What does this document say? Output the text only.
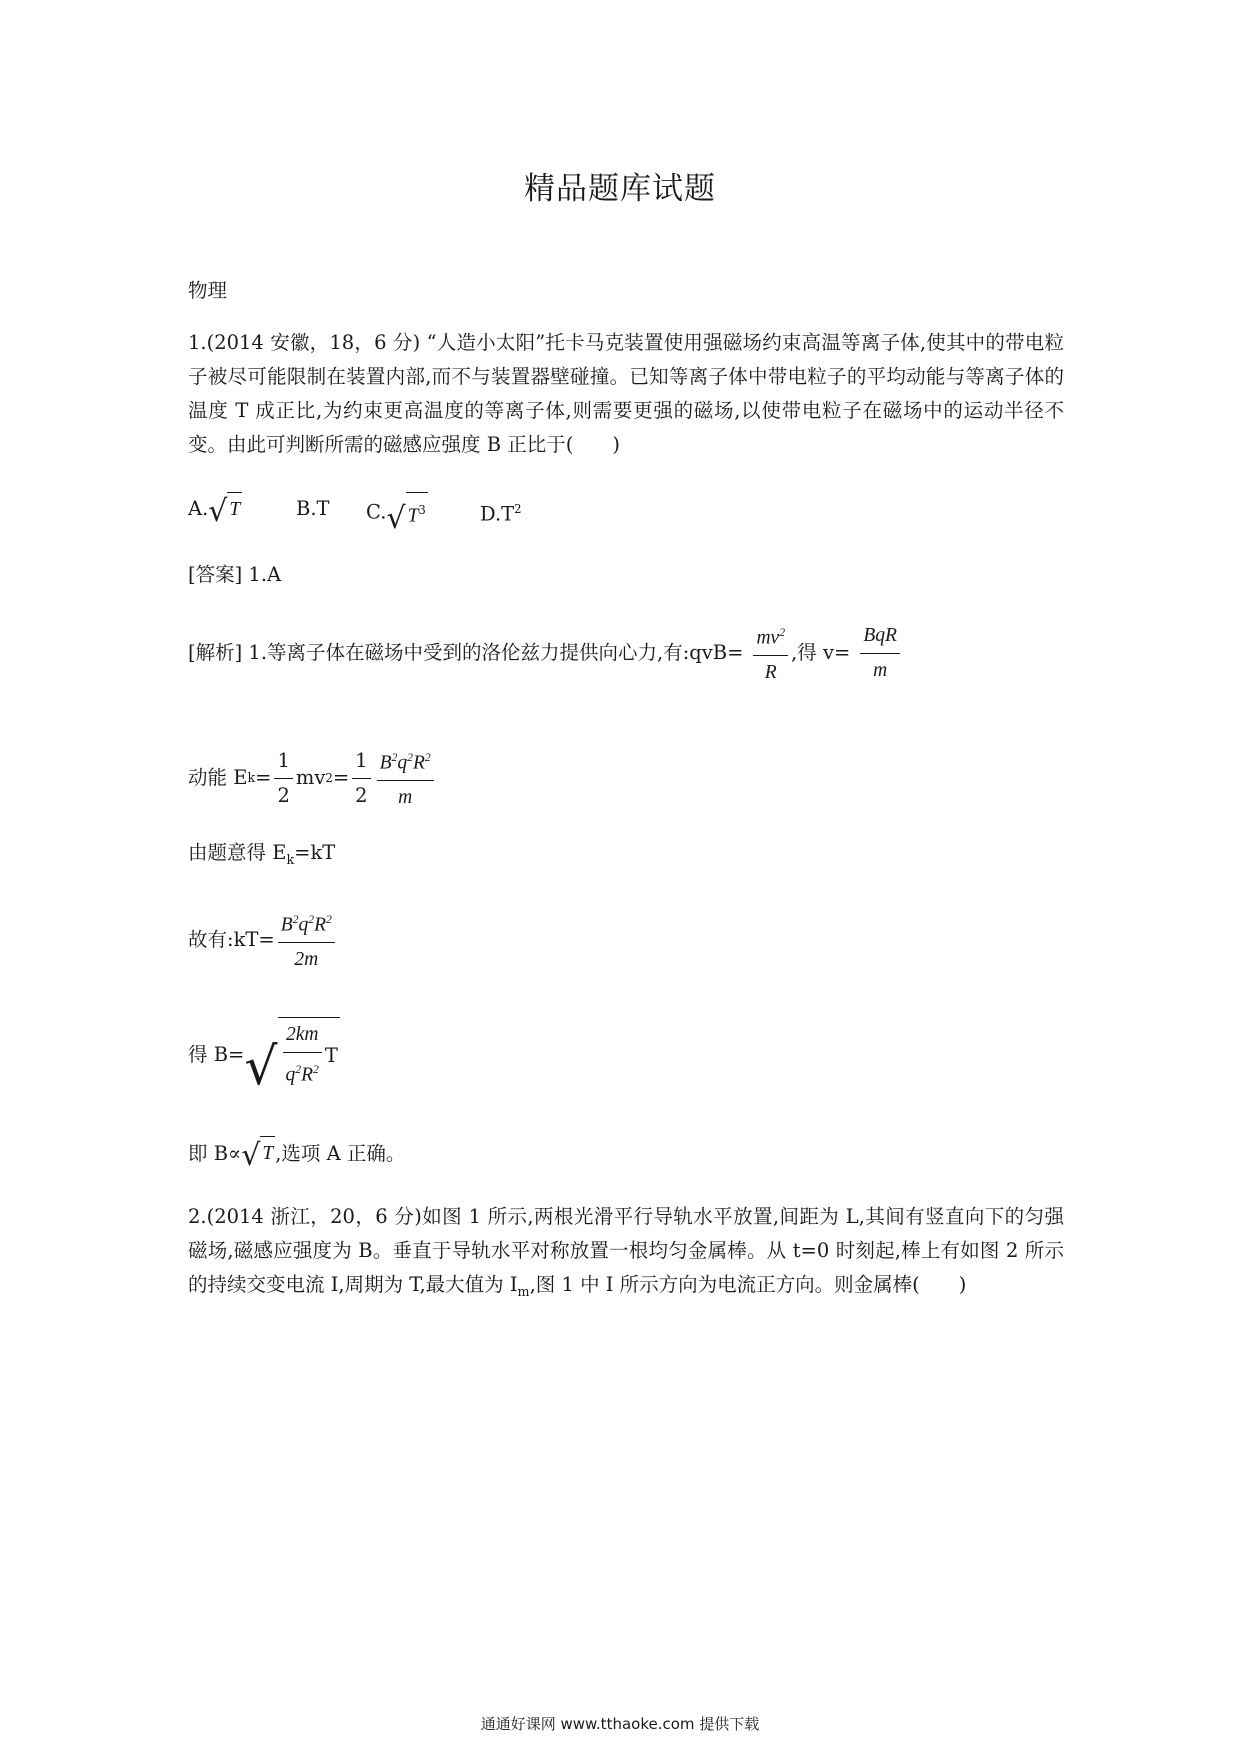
精品题库试题
物理
1.(2014 安徽，18，6 分) “人造小太阳”托卡马克装置使用强磁场约束高温等离子体,使其中的带电粒子被尽可能限制在装置内部,而不与装置器壁碰撞。已知等离子体中带电粒子的平均动能与等离子体的温度 T 成正比,为约束更高温度的等离子体,则需要更强的磁场,以使带电粒子在磁场中的运动半径不变。由此可判断所需的磁感应强度 B 正比于(　　)
A. √ T	B.T C. √ $T^3$	$D.T^2$
[答案] 1.A
[解析] 1.等离子体在磁场中受到的洛伦兹力提供向心力,有:qvB= $\frac{mv^2}{R}$ ,得 $v= \frac{\text{BqR}}{m}$
动能 E $k = \frac{1}{2}$ mv $2 = \frac{1}{2} \frac{B^2q^2R^2}{m}$
由题意得 $E_k=kT$
故有:kT= $\frac{B^2q^2R^2}{2m}$
得 B= √ $\frac{2km}{q^2R^2}$ T
即 B∝ √ T ,选项 A 正确。
2.(2014 浙江，20，6 分)如图 1 所示,两根光滑平行导轨水平放置,间距为 L,其间有竖直向下的匀强磁场,磁感应强度为 B。垂直于导轨水平对称放置一根均匀金属棒。从 t=0 时刻起,棒上有如图 2 所示的持续交变电流 I,周期为 T,最大值为 $I_m$,图 1 中 I 所示方向为电流正方向。则金属棒(　　)
通通好课网 www.tthaoke.com 提供下载
